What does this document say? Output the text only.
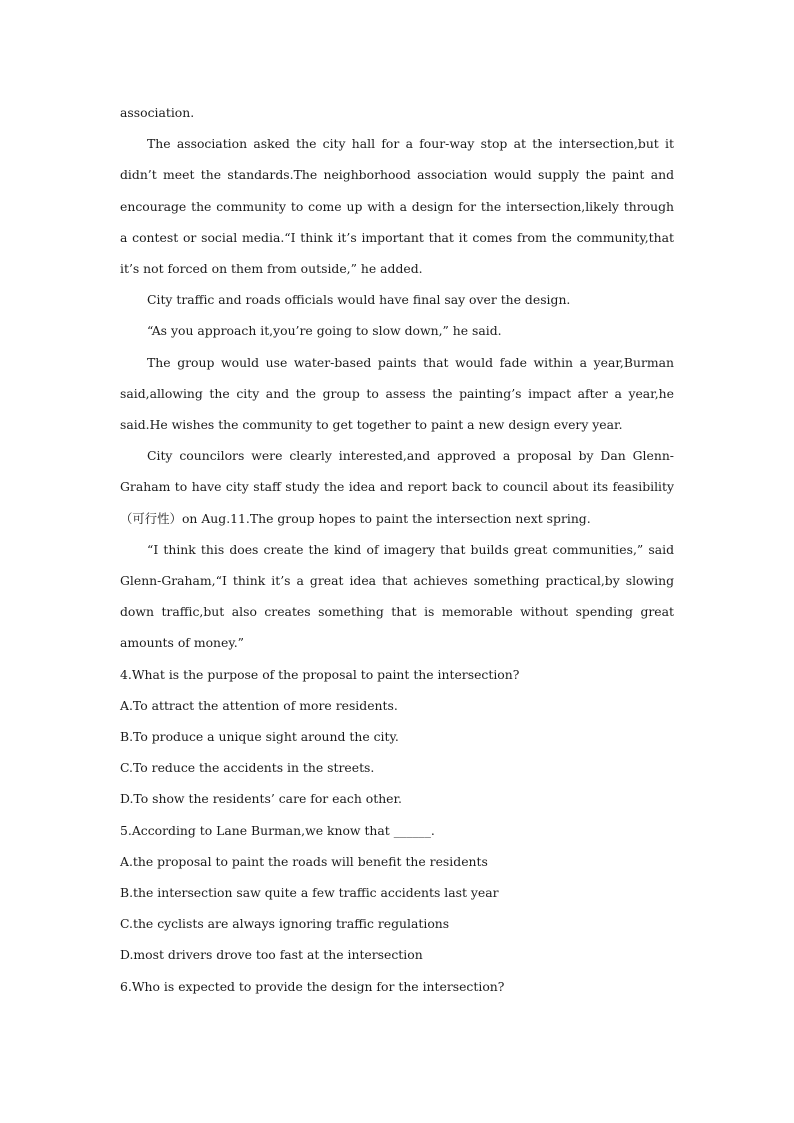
association.

The association asked the city hall for a four-way stop at the intersection,but it didn’t meet the standards.The neighborhood association would supply the paint and encourage the community to come up with a design for the intersection,likely through a contest or social media.“I think it’s important that it comes from the community,that it’s not forced on them from outside,” he added.

City traffic and roads officials would have final say over the design.

“As you approach it,you’re going to slow down,” he said.

The group would use water-based paints that would fade within a year,Burman said,allowing the city and the group to assess the painting’s impact after a year,he said.He wishes the community to get together to paint a new design every year.

City councilors were clearly interested,and approved a proposal by Dan Glenn-Graham to have city staff study the idea and report back to council about its feasibility（可行性）on Aug.11.The group hopes to paint the intersection next spring.

“I think this does create the kind of imagery that builds great communities,” said Glenn-Graham,“I think it’s a great idea that achieves something practical,by slowing down traffic,but also creates something that is memorable without spending great amounts of money.”

4.What is the purpose of the proposal to paint the intersection?

A.To attract the attention of more residents.

B.To produce a unique sight around the city.

C.To reduce the accidents in the streets.

D.To show the residents’ care for each other.

5.According to Lane Burman,we know that ______.

A.the proposal to paint the roads will benefit the residents

B.the intersection saw quite a few traffic accidents last year

C.the cyclists are always ignoring traffic regulations

D.most drivers drove too fast at the intersection

6.Who is expected to provide the design for the intersection?
